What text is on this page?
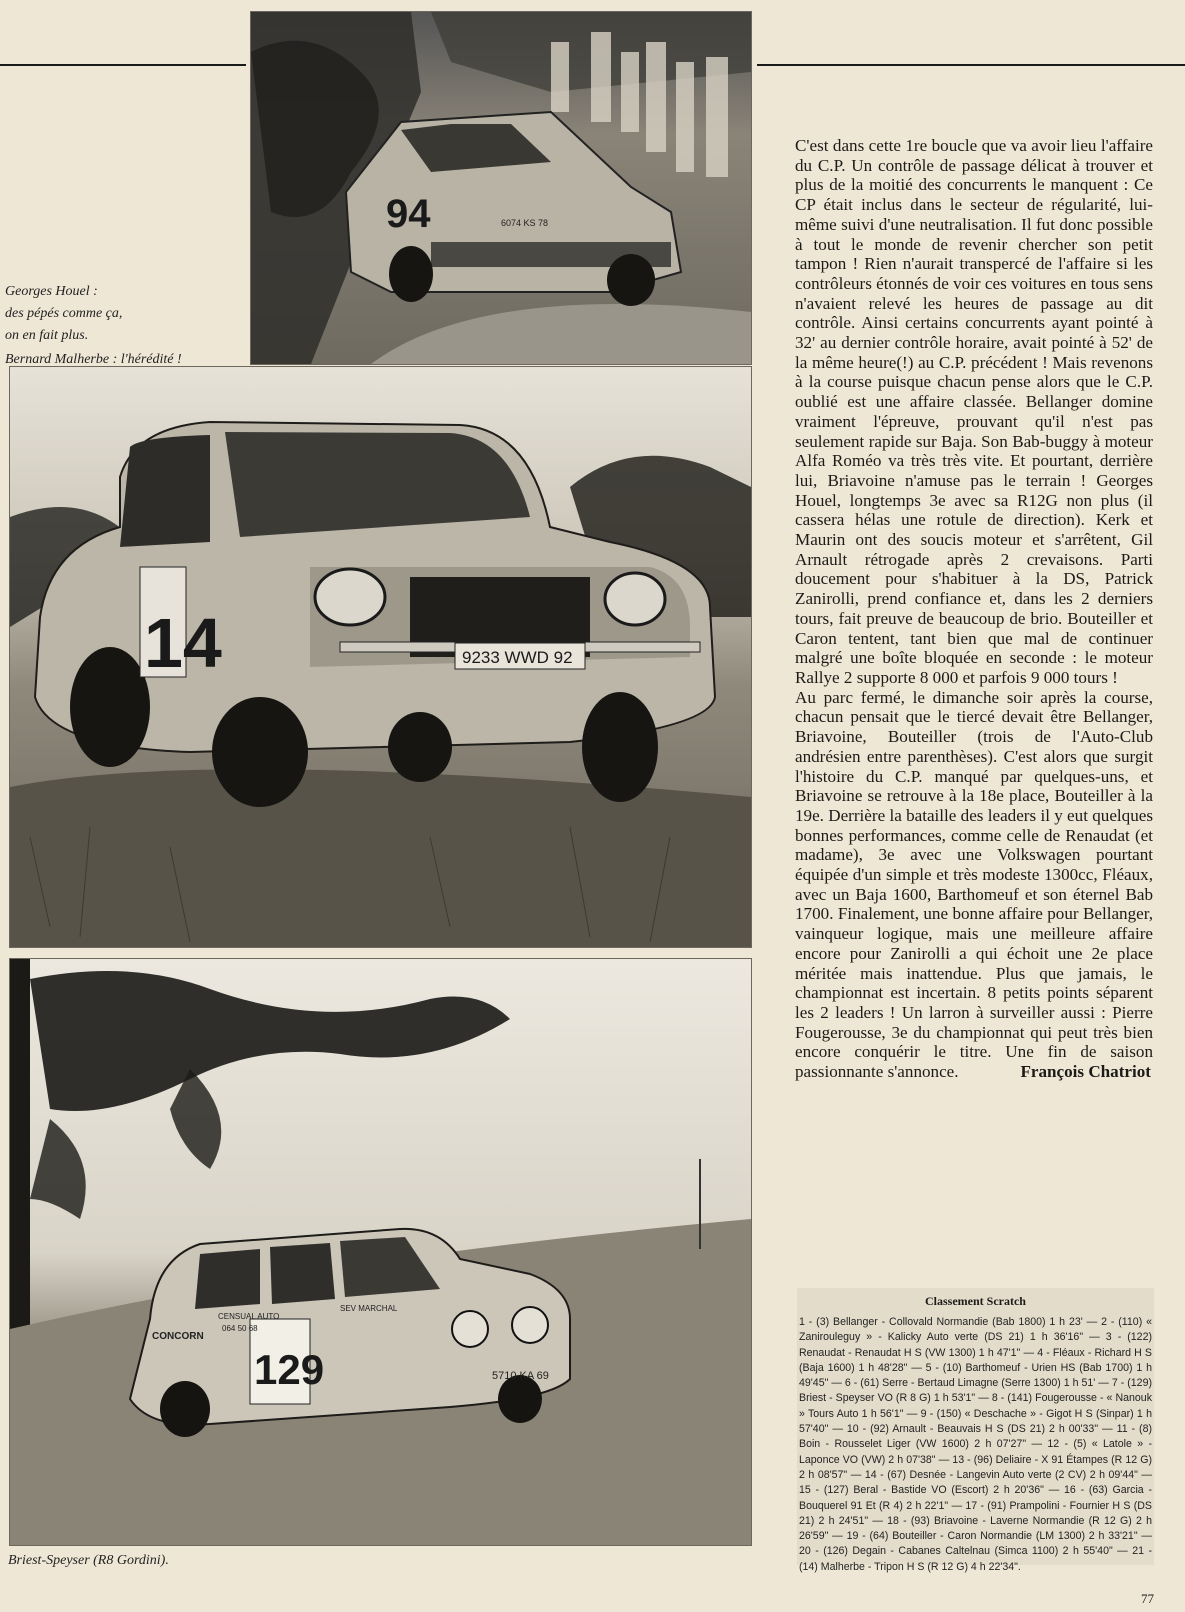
94	6074 KS 78
Georges Houel :
des pépés comme ça,
on en fait plus.
Bernard Malherbe : l'hérédité !
14	9233 WWD 92
129	5710 KA 69
CONCORN
CENSUAL AUTO
064 50 68
SEV MARCHAL
Briest-Speyser (R8 Gordini).

C'est dans cette 1re boucle que va avoir lieu l'affaire du C.P. Un contrôle de passage délicat à trouver et plus de la moitié des concurrents le manquent : Ce CP était inclus dans le secteur de régularité, lui-même suivi d'une neutralisation. Il fut donc possible à tout le monde de revenir chercher son petit tampon ! Rien n'aurait transpercé de l'affaire si les contrôleurs étonnés de voir ces voitures en tous sens n'avaient relevé les heures de passage au dit contrôle. Ainsi certains concurrents ayant pointé à 32' au dernier contrôle horaire, avait pointé à 52' de la même heure(!) au C.P. précédent ! Mais revenons à la course puisque chacun pense alors que le C.P. oublié est une affaire classée. Bellanger domine vraiment l'épreuve, prouvant qu'il n'est pas seulement rapide sur Baja. Son Bab-buggy à moteur Alfa Roméo va très très vite. Et pourtant, derrière lui, Briavoine n'amuse pas le terrain ! Georges Houel, longtemps 3e avec sa R12G non plus (il cassera hélas une rotule de direction). Kerk et Maurin ont des soucis moteur et s'arrêtent, Gil Arnault rétrogade après 2 crevaisons. Parti doucement pour s'habituer à la DS, Patrick Zanirolli, prend confiance et, dans les 2 derniers tours, fait preuve de beaucoup de brio. Bouteiller et Caron tentent, tant bien que mal de continuer malgré une boîte bloquée en seconde : le moteur Rallye 2 supporte 8 000 et parfois 9 000 tours !

Au parc fermé, le dimanche soir après la course, chacun pensait que le tiercé devait être Bellanger, Briavoine, Bouteiller (trois de l'Auto-Club andrésien entre parenthèses). C'est alors que surgit l'histoire du C.P. manqué par quelques-uns, et Briavoine se retrouve à la 18e place, Bouteiller à la 19e. Derrière la bataille des leaders il y eut quelques bonnes performances, comme celle de Renaudat (et madame), 3e avec une Volkswagen pourtant équipée d'un simple et très modeste 1300cc, Fléaux, avec un Baja 1600, Barthomeuf et son éternel Bab 1700. Finalement, une bonne affaire pour Bellanger, vainqueur logique, mais une meilleure affaire encore pour Zanirolli a qui échoit une 2e place méritée mais inattendue. Plus que jamais, le championnat est incertain. 8 petits points séparent les 2 leaders ! Un larron à surveiller aussi : Pierre Fougerousse, 3e du championnat qui peut très bien encore conquérir le titre. Une fin de saison passionnante s'annonce.	François Chatriot

Classement Scratch
1 - (3) Bellanger - Collovald Normandie (Bab 1800) 1 h 23' — 2 - (110) « Zanirouleguy » - Kalicky Auto verte (DS 21) 1 h 36'16" — 3 - (122) Renaudat - Renaudat H S (VW 1300) 1 h 47'1" — 4 - Fléaux - Richard H S (Baja 1600) 1 h 48'28" — 5 - (10) Barthomeuf - Urien HS (Bab 1700) 1 h 49'45" — 6 - (61) Serre - Bertaud Limagne (Serre 1300) 1 h 51' — 7 - (129) Briest - Speyser VO (R 8 G) 1 h 53'1" — 8 - (141) Fougerousse - « Nanouk » Tours Auto 1 h 56'1" — 9 - (150) « Deschache » - Gigot H S (Sinpar) 1 h 57'40" — 10 - (92) Arnault - Beauvais H S (DS 21) 2 h 00'33" — 11 - (8) Boin - Rousselet Liger (VW 1600) 2 h 07'27" — 12 - (5) « Latole » - Laponce VO (VW) 2 h 07'38" — 13 - (96) Deliaire - X 91 Étampes (R 12 G) 2 h 08'57" — 14 - (67) Desnée - Langevin Auto verte (2 CV) 2 h 09'44" — 15 - (127) Beral - Bastide VO (Escort) 2 h 20'36" — 16 - (63) Garcia - Bouquerel 91 Et (R 4) 2 h 22'1" — 17 - (91) Prampolini - Fournier H S (DS 21) 2 h 24'51" — 18 - (93) Briavoine - Laverne Normandie (R 12 G) 2 h 26'59" — 19 - (64) Bouteiller - Caron Normandie (LM 1300) 2 h 33'21" — 20 - (126) Degain - Cabanes Caltelnau (Simca 1100) 2 h 55'40" — 21 - (14) Malherbe - Tripon H S (R 12 G) 4 h 22'34".
77
